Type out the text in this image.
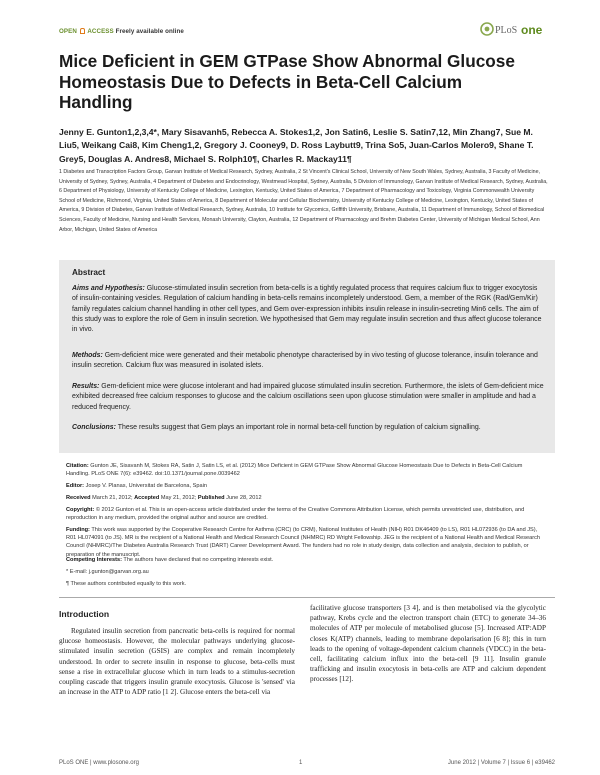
OPEN ACCESS Freely available online	PLoS one
Mice Deficient in GEM GTPase Show Abnormal Glucose Homeostasis Due to Defects in Beta-Cell Calcium Handling
Jenny E. Gunton1,2,3,4*, Mary Sisavanh5, Rebecca A. Stokes1,2, Jon Satin6, Leslie S. Satin7,12, Min Zhang7, Sue M. Liu5, Weikang Cai8, Kim Cheng1,2, Gregory J. Cooney9, D. Ross Laybutt9, Trina So5, Juan-Carlos Molero9, Shane T. Grey5, Douglas A. Andres8, Michael S. Rolph10¶, Charles R. Mackay11¶
1 Diabetes and Transcription Factors Group, Garvan Institute of Medical Research, Sydney, Australia, 2 St Vincent's Clinical School, University of New South Wales, Sydney, Australia, 3 Faculty of Medicine, University of Sydney, Sydney, Australia, 4 Department of Diabetes and Endocrinology, Westmead Hospital, Sydney, Australia, 5 Division of Immunology, Garvan Institute of Medical Research, Sydney, Australia, 6 Department of Physiology, University of Kentucky College of Medicine, Lexington, Kentucky, United States of America, 7 Department of Pharmacology and Toxicology, Virginia Commonwealth University School of Medicine, Richmond, Virginia, United States of America, 8 Department of Molecular and Cellular Biochemistry, University of Kentucky College of Medicine, Lexington, Kentucky, United States of America, 9 Division of Diabetes, Garvan Institute of Medical Research, Sydney, Australia, 10 Institute for Glycomics, Griffith University, Brisbane, Australia, 11 Department of Immunology, School of Biomedical Sciences, Faculty of Medicine, Nursing and Health Services, Monash University, Clayton, Australia, 12 Department of Pharmacology and Brehm Diabetes Center, University of Michigan Medical School, Ann Arbor, Michigan, United States of America
Abstract
Aims and Hypothesis: Glucose-stimulated insulin secretion from beta-cells is a tightly regulated process that requires calcium flux to trigger exocytosis of insulin-containing vesicles. Regulation of calcium handling in beta-cells remains incompletely understood. Gem, a member of the RGK (Rad/Gem/Kir) family regulates calcium channel handling in other cell types, and Gem over-expression inhibits insulin release in insulin-secreting Min6 cells. The aim of this study was to explore the role of Gem in insulin secretion. We hypothesised that Gem may regulate insulin secretion and thus affect glucose tolerance in vivo.
Methods: Gem-deficient mice were generated and their metabolic phenotype characterised by in vivo testing of glucose tolerance, insulin tolerance and insulin secretion. Calcium flux was measured in isolated islets.
Results: Gem-deficient mice were glucose intolerant and had impaired glucose stimulated insulin secretion. Furthermore, the islets of Gem-deficient mice exhibited decreased free calcium responses to glucose and the calcium oscillations seen upon glucose stimulation were smaller in amplitude and had a reduced frequency.
Conclusions: These results suggest that Gem plays an important role in normal beta-cell function by regulation of calcium signalling.
Citation: Gunton JE, Sisavanh M, Stokes RA, Satin J, Satin LS, et al. (2012) Mice Deficient in GEM GTPase Show Abnormal Glucose Homeostasis Due to Defects in Beta-Cell Calcium Handling. PLoS ONE 7(6): e39462. doi:10.1371/journal.pone.0039462
Editor: Josep V. Planas, Universitat de Barcelona, Spain
Received March 21, 2012; Accepted May 21, 2012; Published June 28, 2012
Copyright: © 2012 Gunton et al. This is an open-access article distributed under the terms of the Creative Commons Attribution License, which permits unrestricted use, distribution, and reproduction in any medium, provided the original author and source are credited.
Funding: This work was supported by the Cooperative Research Centre for Asthma (CRC) (to CRM), National Institutes of Health (NIH) R01 DK46409 (to LS), R01 HL072936 (to DA and JS), R01 HL074091 (to JS). MR is the recipient of a National Health and Medical Research Council (NHMRC) RD Wright Fellowship. JEG is the recipient of a National Health and Medical Research Council (NHMRC)/The Diabetes Australia Research Trust (DART) Career Development Award. The funders had no role in study design, data collection and analysis, decision to publish, or preparation of the manuscript.
Competing Interests: The authors have declared that no competing interests exist.
* E-mail: j.gunton@garvan.org.au
¶ These authors contributed equally to this work.
Introduction

Regulated insulin secretion from pancreatic beta-cells is required for normal glucose homeostasis. However, the molecular pathways underlying glucose-stimulated insulin secretion (GSIS) are complex and remain incompletely understood. In order to secrete insulin in response to glucose, beta-cells must sense a rise in extracellular glucose which in turn leads to a stimulus-secretion coupling cascade that triggers insulin granule exocytosis. Glucose is 'sensed' via an increase in the ATP to ADP ratio [1 2]. Glucose enters the beta-cell via

facilitative glucose transporters [3 4], and is then metabolised via the glycolytic pathway, Krebs cycle and the electron transport chain (ETC) to generate 34–36 molecules of ATP per molecule of metabolised glucose [5]. Increased ATP:ADP closes K(ATP) channels, leading to membrane depolarisation [6 8]; this in turn leads to the opening of voltage-dependent calcium channels (VDCC) in the beta-cell, facilitating calcium influx into the beta-cell [9 11]. Insulin granule trafficking and insulin exocytosis in beta-cells are ATP and calcium dependent processes [12].

PLoS ONE | www.plosone.org	1	June 2012 | Volume 7 | Issue 6 | e39462
